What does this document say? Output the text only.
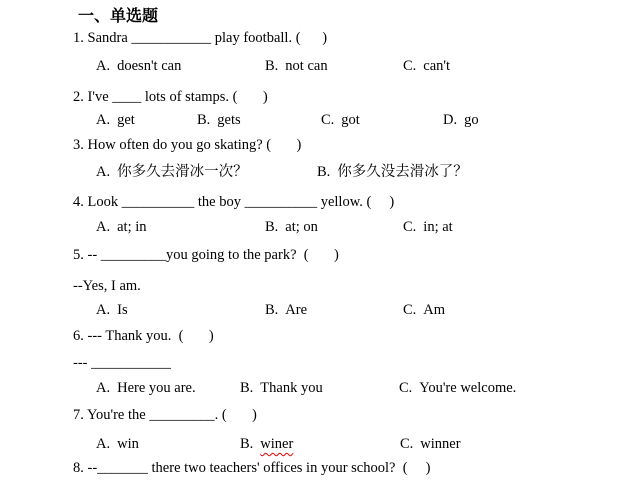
一、单选题
1. Sandra ___________ play football. (      )

A. doesn't can

	B. not can

	C. can't

2. I've ____ lots of stamps. (       )

A. get

	B. gets

	C. got

	D. go

3. How often do you go skating? (       )

A. 你多久去滑冰一次？

	B. 你多久没去滑冰了？

4. Look __________ the boy __________ yellow. (     )

A. at; in

	B. at; on

	C. in; at

5. -- _________you going to the park?  (       )
--Yes, I am.

A. Is

	B. Are

	C. Am

6. --- Thank you.  (       )
--- ___________

A. Here you are.

	B. Thank you

	C. You're welcome.

7. You're the _________. (       )

A. win

	B. winer

	C. winner

8. --_______ there two teachers' offices in your school?  (     )
